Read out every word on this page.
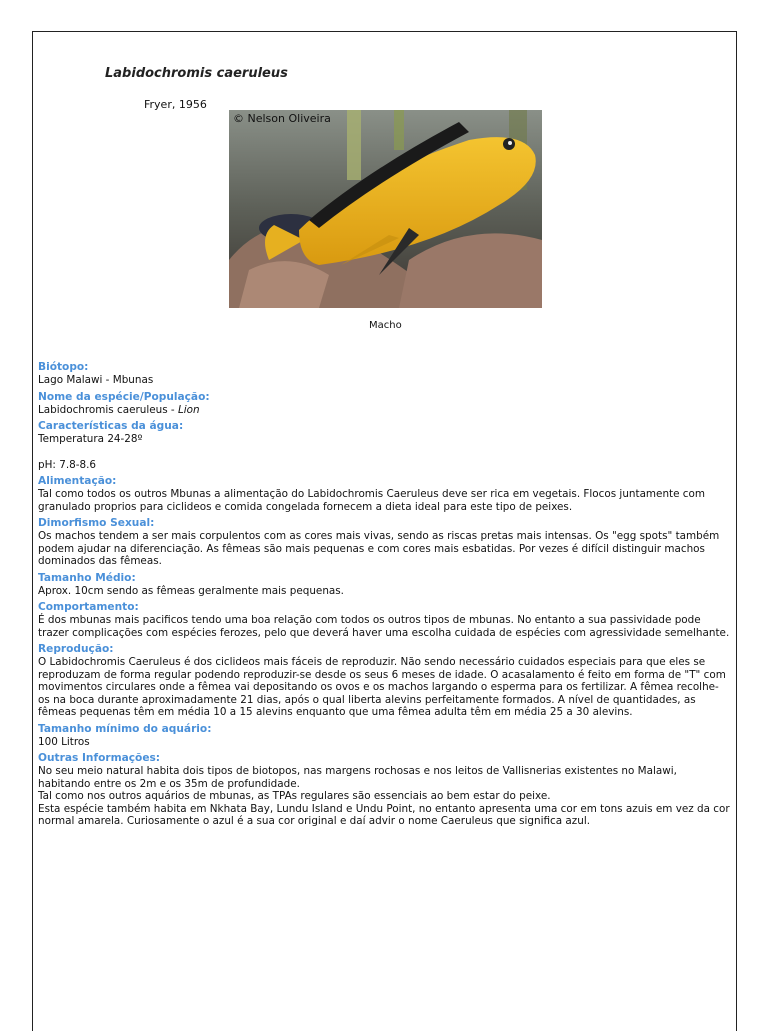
Labidochromis caeruleus
Fryer, 1956
© Nelson Oliveira
Macho
Biótopo:
Lago Malawi - Mbunas
Nome da espécie/População:
Labidochromis caeruleus - Lion
Características da água:
Temperatura 24-28º
pH: 7.8-8.6
Alimentação:
Tal como todos os outros Mbunas a alimentação do Labidochromis Caeruleus deve ser rica em vegetais. Flocos juntamente com granulado proprios para ciclideos e comida congelada fornecem a dieta ideal para este tipo de peixes.
Dimorfismo Sexual:
Os machos tendem a ser mais corpulentos com as cores mais vivas, sendo as riscas pretas mais intensas. Os "egg spots" também podem ajudar na diferenciação. As fêmeas são mais pequenas e com cores mais esbatidas. Por vezes é difícil distinguir machos dominados das fêmeas.
Tamanho Médio:
Aprox. 10cm sendo as fêmeas geralmente mais pequenas.
Comportamento:
É dos mbunas mais pacificos tendo uma boa relação com todos os outros tipos de mbunas. No entanto a sua passividade pode trazer complicações com espécies ferozes, pelo que deverá haver uma escolha cuidada de espécies com agressividade semelhante.
Reprodução:
O Labidochromis Caeruleus é dos ciclideos mais fáceis de reproduzir. Não sendo necessário cuidados especiais para que eles se reproduzam de forma regular podendo reproduzir-se desde os seus 6 meses de idade. O acasalamento é feito em forma de "T" com movimentos circulares onde a fêmea vai depositando os ovos e os machos largando o esperma para os fertilizar. A fêmea recolhe-os na boca durante aproximadamente 21 dias, após o qual liberta alevins perfeitamente formados. A nível de quantidades, as fêmeas pequenas têm em média 10 a 15 alevins enquanto que uma fêmea adulta têm em média 25 a 30 alevins.
Tamanho mínimo do aquário:
100 Litros
Outras Informações:
No seu meio natural habita dois tipos de biotopos, nas margens rochosas e nos leitos de Vallisnerias existentes no Malawi, habitando entre os 2m e os 35m de profundidade.
Tal como nos outros aquários de mbunas, as TPAs regulares são essenciais ao bem estar do peixe.
Esta espécie também habita em Nkhata Bay, Lundu Island e Undu Point, no entanto apresenta uma cor em tons azuis em vez da cor normal amarela. Curiosamente o azul é a sua cor original e daí advir o nome Caeruleus que significa azul.
